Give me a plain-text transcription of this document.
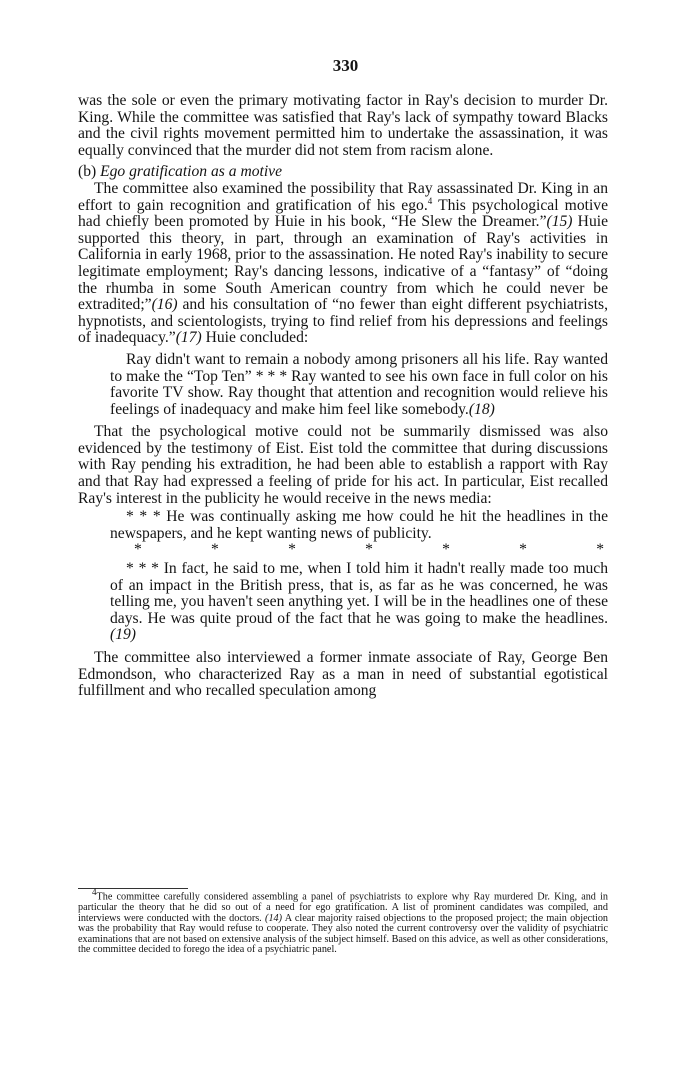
330

was the sole or even the primary motivating factor in Ray's decision to murder Dr. King. While the committee was satisfied that Ray's lack of sympathy toward Blacks and the civil rights movement permitted him to undertake the assassination, it was equally convinced that the murder did not stem from racism alone.

(b) Ego gratification as a motive

The committee also examined the possibility that Ray assassinated Dr. King in an effort to gain recognition and gratification of his ego.$^4$ This psychological motive had chiefly been promoted by Huie in his book, “He Slew the Dreamer.”(15) Huie supported this theory, in part, through an examination of Ray's activities in California in early 1968, prior to the assassination. He noted Ray's inability to secure legitimate employment; Ray's dancing lessons, indicative of a “fantasy” of “doing the rhumba in some South American country from which he could never be extradited;”(16) and his consultation of “no fewer than eight different psychiatrists, hypnotists, and scientologists, trying to find relief from his depressions and feelings of inadequacy.”(17) Huie concluded:

Ray didn't want to remain a nobody among prisoners all his life. Ray wanted to make the “Top Ten” * * * Ray wanted to see his own face in full color on his favorite TV show. Ray thought that attention and recognition would relieve his feelings of inadequacy and make him feel like somebody.(18)

That the psychological motive could not be summarily dismissed was also evidenced by the testimony of Eist. Eist told the committee that during discussions with Ray pending his extradition, he had been able to establish a rapport with Ray and that Ray had expressed a feeling of pride for his act. In particular, Eist recalled Ray's interest in the publicity he would receive in the news media:

* * * He was continually asking me how could he hit the headlines in the newspapers, and he kept wanting news of publicity.

*	*	*	*	*	*	*

* * * In fact, he said to me, when I told him it hadn't really made too much of an impact in the British press, that is, as far as he was concerned, he was telling me, you haven't seen anything yet. I will be in the headlines one of these days. He was quite proud of the fact that he was going to make the headlines.(19)

The committee also interviewed a former inmate associate of Ray, George Ben Edmondson, who characterized Ray as a man in need of substantial egotistical fulfillment and who recalled speculation among

$^4$The committee carefully considered assembling a panel of psychiatrists to explore why Ray murdered Dr. King, and in particular the theory that he did so out of a need for ego gratification. A list of prominent candidates was compiled, and interviews were conducted with the doctors. (14) A clear majority raised objections to the proposed project; the main objection was the probability that Ray would refuse to cooperate. They also noted the current controversy over the validity of psychiatric examinations that are not based on extensive analysis of the subject himself. Based on this advice, as well as other considerations, the committee decided to forego the idea of a psychiatric panel.
